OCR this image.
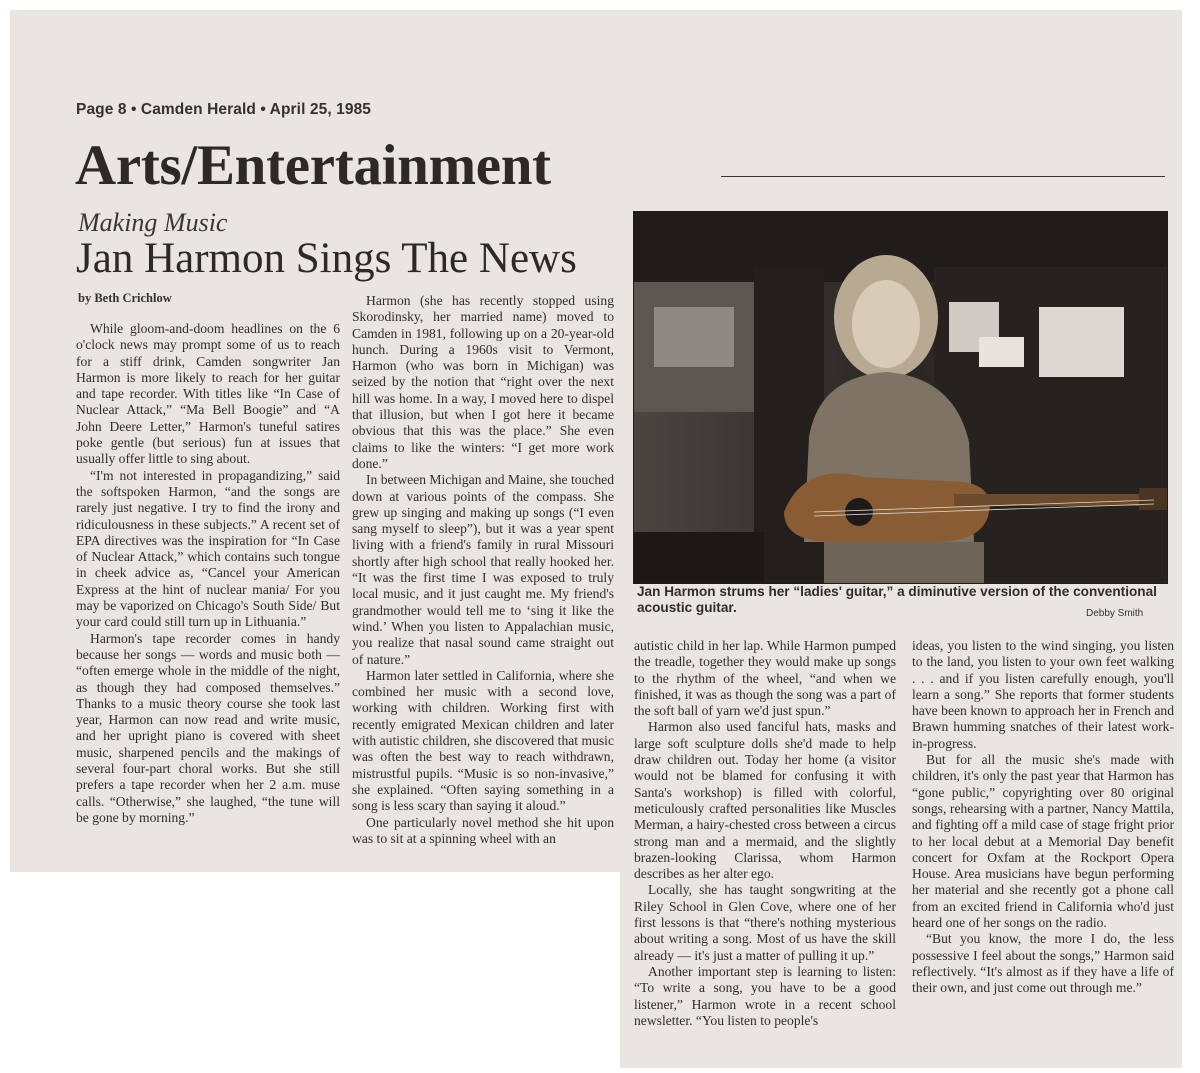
Page 8 • Camden Herald • April 25, 1985
Arts/Entertainment
Making Music
Jan Harmon Sings The News
by Beth Crichlow

While gloom-and-doom headlines on the 6 o'clock news may prompt some of us to reach for a stiff drink, Camden songwriter Jan Harmon is more likely to reach for her guitar and tape recorder. With titles like “In Case of Nuclear Attack,” “Ma Bell Boogie” and “A John Deere Letter,” Harmon's tuneful satires poke gentle (but serious) fun at issues that usually offer little to sing about.

“I'm not interested in propagandizing,” said the softspoken Harmon, “and the songs are rarely just negative. I try to find the irony and ridiculousness in these subjects.” A recent set of EPA directives was the inspiration for “In Case of Nuclear Attack,” which contains such tongue in cheek advice as, “Cancel your American Express at the hint of nuclear mania/ For you may be vaporized on Chicago's South Side/ But your card could still turn up in Lithuania.”

Harmon's tape recorder comes in handy because her songs — words and music both — “often emerge whole in the middle of the night, as though they had composed themselves.” Thanks to a music theory course she took last year, Harmon can now read and write music, and her upright piano is covered with sheet music, sharpened pencils and the makings of several four-part choral works. But she still prefers a tape recorder when her 2 a.m. muse calls. “Otherwise,” she laughed, “the tune will be gone by morning.”

Harmon (she has recently stopped using Skorodinsky, her married name) moved to Camden in 1981, following up on a 20-year-old hunch. During a 1960s visit to Vermont, Harmon (who was born in Michigan) was seized by the notion that “right over the next hill was home. In a way, I moved here to dispel that illusion, but when I got here it became obvious that this was the place.” She even claims to like the winters: “I get more work done.”

In between Michigan and Maine, she touched down at various points of the compass. She grew up singing and making up songs (“I even sang myself to sleep”), but it was a year spent living with a friend's family in rural Missouri shortly after high school that really hooked her. “It was the first time I was exposed to truly local music, and it just caught me. My friend's grandmother would tell me to ‘sing it like the wind.’ When you listen to Appalachian music, you realize that nasal sound came straight out of nature.”

Harmon later settled in California, where she combined her music with a second love, working with children. Working first with recently emigrated Mexican children and later with autistic children, she discovered that music was often the best way to reach withdrawn, mistrustful pupils. “Music is so non-invasive,” she explained. “Often saying something in a song is less scary than saying it aloud.”

One particularly novel method she hit upon was to sit at a spinning wheel with an

Jan Harmon strums her “ladies' guitar,” a diminutive version of the conventional acoustic guitar.	Debby Smith

autistic child in her lap. While Harmon pumped the treadle, together they would make up songs to the rhythm of the wheel, “and when we finished, it was as though the song was a part of the soft ball of yarn we'd just spun.”

Harmon also used fanciful hats, masks and large soft sculpture dolls she'd made to help draw children out. Today her home (a visitor would not be blamed for confusing it with Santa's workshop) is filled with colorful, meticulously crafted personalities like Muscles Merman, a hairy-chested cross between a circus strong man and a mermaid, and the slightly brazen-looking Clarissa, whom Harmon describes as her alter ego.

Locally, she has taught songwriting at the Riley School in Glen Cove, where one of her first lessons is that “there's nothing mysterious about writing a song. Most of us have the skill already — it's just a matter of pulling it up.”

Another important step is learning to listen: “To write a song, you have to be a good listener,” Harmon wrote in a recent school newsletter. “You listen to people's

ideas, you listen to the wind singing, you listen to the land, you listen to your own feet walking . . . and if you listen carefully enough, you'll learn a song.” She reports that former students have been known to approach her in French and Brawn humming snatches of their latest work-in-progress.

But for all the music she's made with children, it's only the past year that Harmon has “gone public,” copyrighting over 80 original songs, rehearsing with a partner, Nancy Mattila, and fighting off a mild case of stage fright prior to her local debut at a Memorial Day benefit concert for Oxfam at the Rockport Opera House. Area musicians have begun performing her material and she recently got a phone call from an excited friend in California who'd just heard one of her songs on the radio.

“But you know, the more I do, the less possessive I feel about the songs,” Harmon said reflectively. “It's almost as if they have a life of their own, and just come out through me.”
